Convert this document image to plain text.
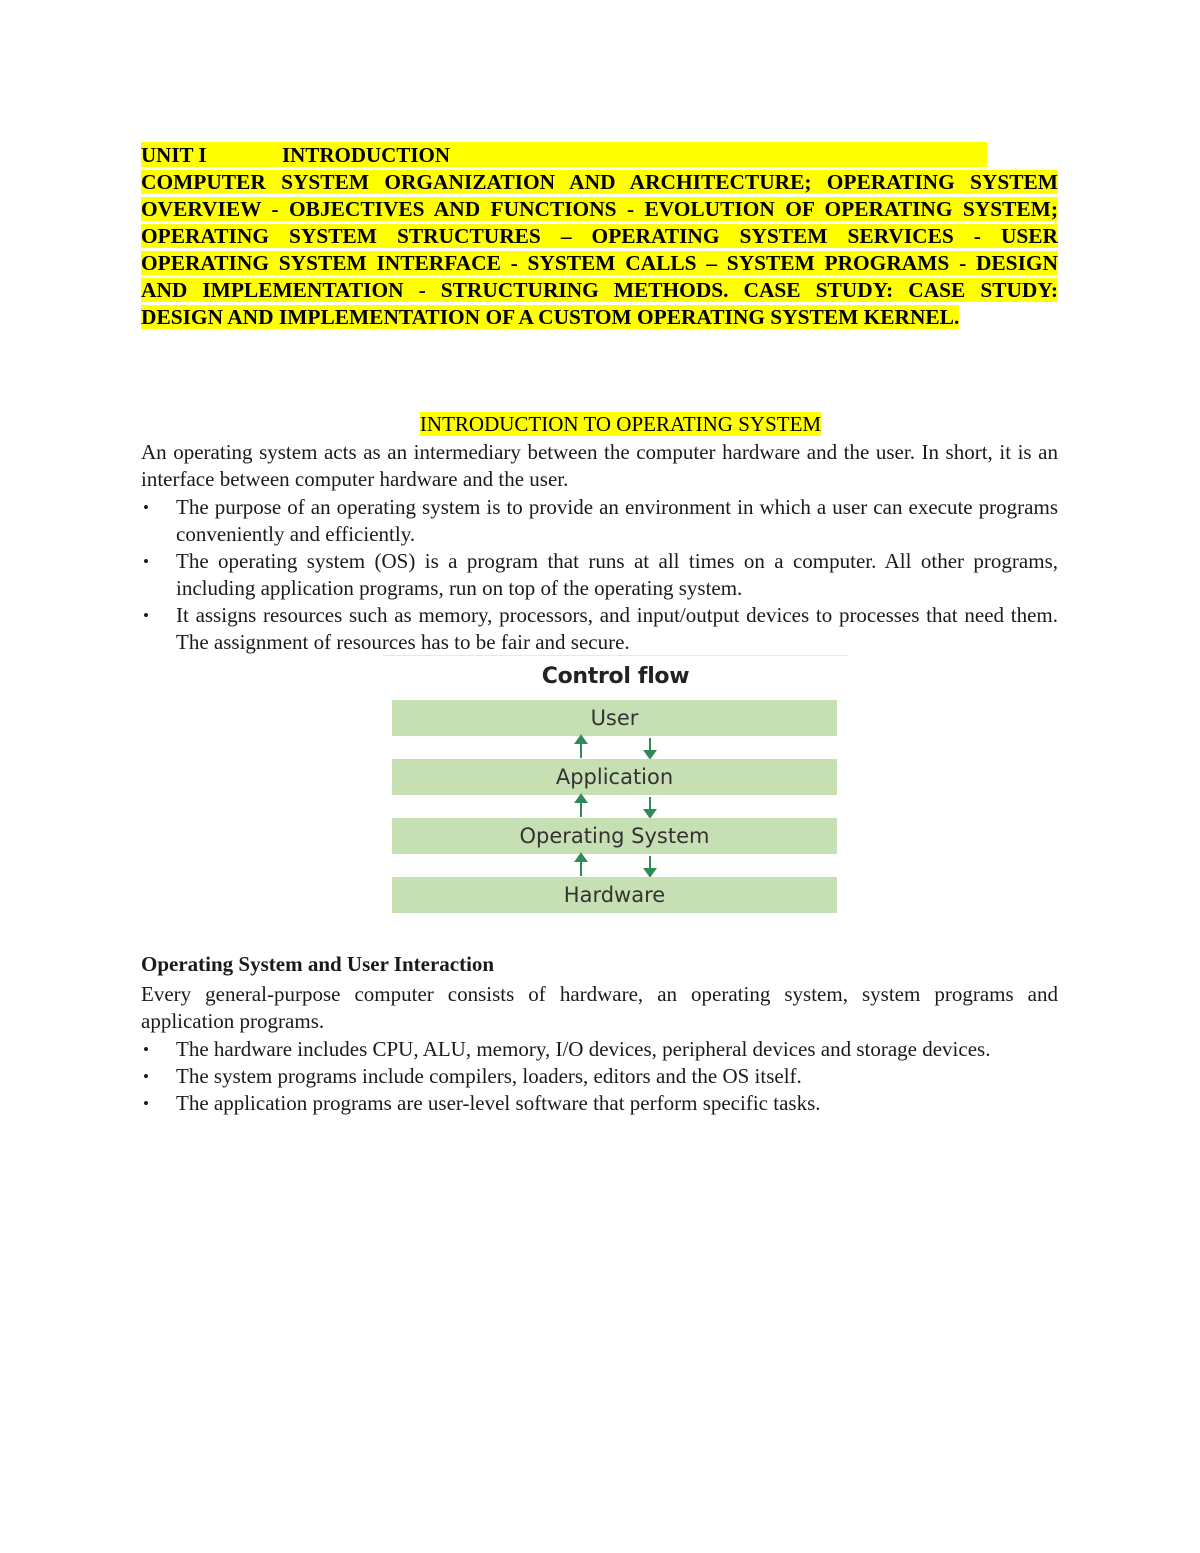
UNIT I	INTRODUCTION

COMPUTER SYSTEM ORGANIZATION AND ARCHITECTURE; OPERATING SYSTEM OVERVIEW - OBJECTIVES AND FUNCTIONS - EVOLUTION OF OPERATING SYSTEM; OPERATING SYSTEM STRUCTURES – OPERATING SYSTEM SERVICES - USER OPERATING SYSTEM INTERFACE - SYSTEM CALLS – SYSTEM PROGRAMS - DESIGN AND IMPLEMENTATION - STRUCTURING METHODS. CASE STUDY: CASE STUDY: DESIGN AND IMPLEMENTATION OF A CUSTOM OPERATING SYSTEM KERNEL.

INTRODUCTION TO OPERATING SYSTEM

An operating system acts as an intermediary between the computer hardware and the user. In short, it is an interface between computer hardware and the user.

• The purpose of an operating system is to provide an environment in which a user can execute programs conveniently and efficiently.
• The operating system (OS) is a program that runs at all times on a computer. All other programs, including application programs, run on top of the operating system.
• It assigns resources such as memory, processors, and input/output devices to processes that need them. The assignment of resources has to be fair and secure.
Control flow
User
Application
Operating System
Hardware

Operating System and User Interaction

Every general-purpose computer consists of hardware, an operating system, system programs and application programs.

• The hardware includes CPU, ALU, memory, I/O devices, peripheral devices and storage devices.
• The system programs include compilers, loaders, editors and the OS itself.
• The application programs are user-level software that perform specific tasks.
